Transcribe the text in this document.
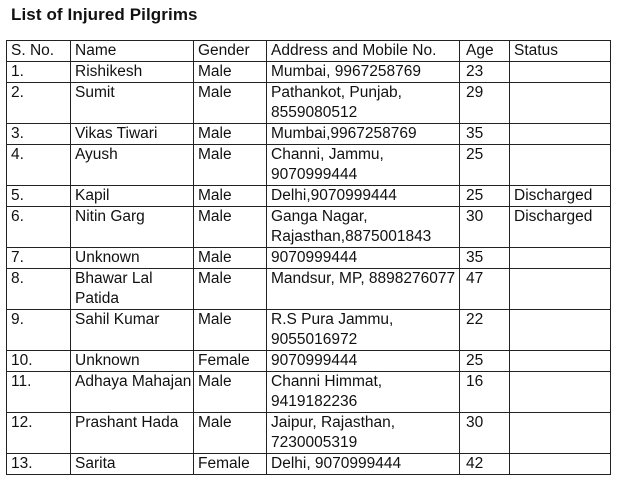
List of Injured Pilgrims
S. No.	Name	Gender	Address and Mobile No.	Age	Status
1.	Rishikesh	Male	Mumbai, 9967258769	23	
2.	Sumit	Male	Pathankot, Punjab, 8559080512	29	
3.	Vikas Tiwari	Male	Mumbai,9967258769	35	
4.	Ayush	Male	Channi, Jammu, 9070999444	25	
5.	Kapil	Male	Delhi,9070999444	25	Discharged
6.	Nitin Garg	Male	Ganga Nagar, Rajasthan,8875001843	30	Discharged
7.	Unknown	Male	9070999444	35	
8.	Bhawar Lal Patida	Male	Mandsur, MP, 8898276077	47	
9.	Sahil Kumar	Male	R.S Pura Jammu, 9055016972	22	
10.	Unknown	Female	9070999444	25	
11.	Adhaya Mahajan	Male	Channi Himmat, 9419182236	16	
12.	Prashant Hada	Male	Jaipur, Rajasthan, 7230005319	30	
13.	Sarita	Female	Delhi, 9070999444	42	
